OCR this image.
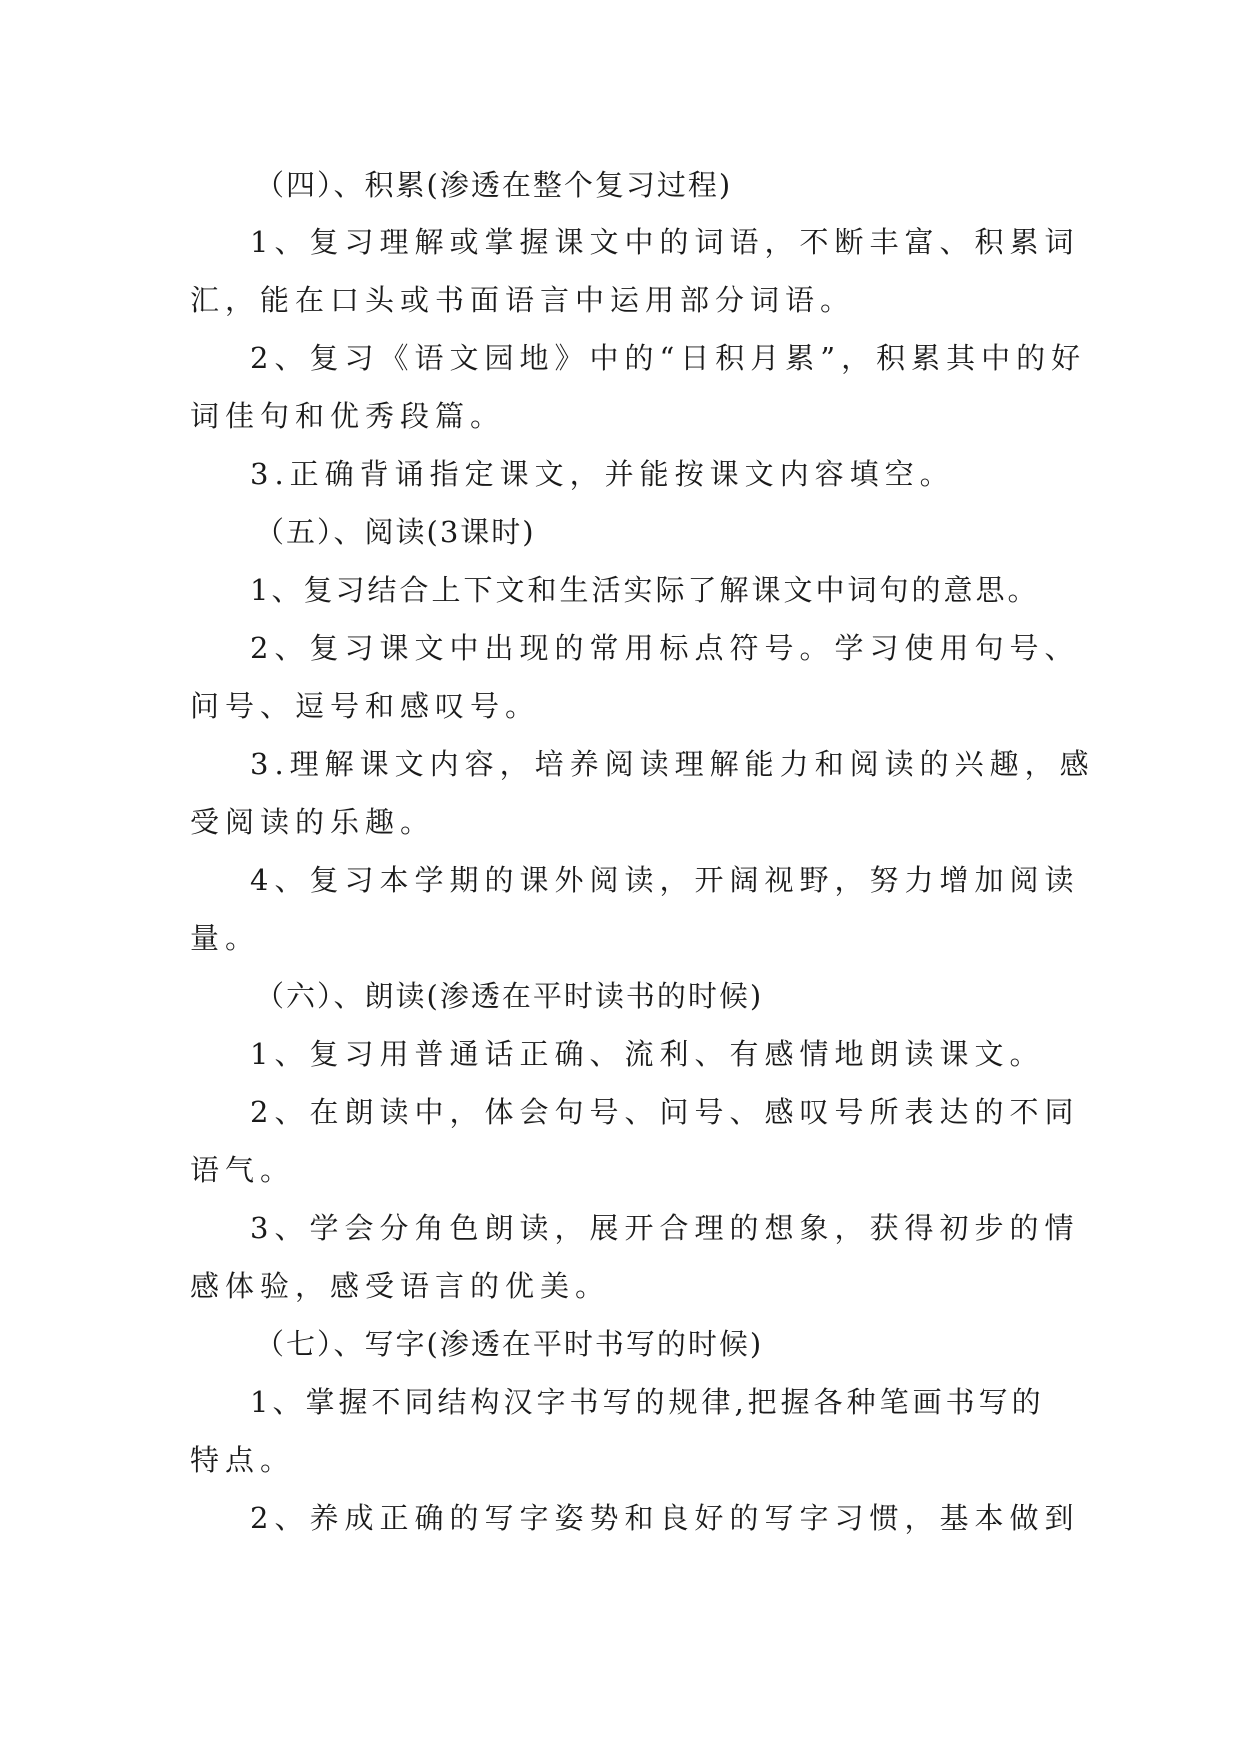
（四）、积累(渗透在整个复习过程)
1、复习理解或掌握课文中的词语，不断丰富、积累词
汇，能在口头或书面语言中运用部分词语。
2、复习《语文园地》中的“日积月累”，积累其中的好
词佳句和优秀段篇。
3.正确背诵指定课文，并能按课文内容填空。
（五）、阅读(3课时)
1、复习结合上下文和生活实际了解课文中词句的意思。
2、复习课文中出现的常用标点符号。学习使用句号、
问号、逗号和感叹号。
3.理解课文内容，培养阅读理解能力和阅读的兴趣，感
受阅读的乐趣。
4、复习本学期的课外阅读，开阔视野，努力增加阅读
量。
（六）、朗读(渗透在平时读书的时候)
1、复习用普通话正确、流利、有感情地朗读课文。
2、在朗读中，体会句号、问号、感叹号所表达的不同
语气。
3、学会分角色朗读，展开合理的想象，获得初步的情
感体验，感受语言的优美。
（七）、写字(渗透在平时书写的时候)
1、掌握不同结构汉字书写的规律,把握各种笔画书写的
特点。
2、养成正确的写字姿势和良好的写字习惯，基本做到
